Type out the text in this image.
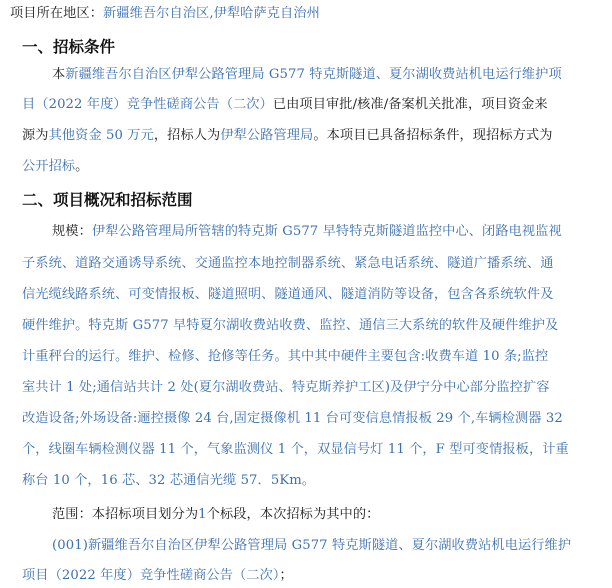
项目所在地区：新疆维吾尔自治区,伊犁哈萨克自治州
一、招标条件
本新疆维吾尔自治区伊犁公路管理局 G577 特克斯隧道、夏尔湖收费站机电运行维护项
目（2022 年度）竞争性磋商公告（二次）已由项目审批/核准/备案机关批准，项目资金来
源为其他资金 50 万元，招标人为伊犁公路管理局。本项目已具备招标条件，现招标方式为
公开招标。
二、项目概况和招标范围
规模：伊犁公路管理局所管辖的特克斯 G577 早特特克斯隧道监控中心、闭路电视监视
子系统、道路交通诱导系统、交通监控本地控制器系统、紧急电话系统、隧道广播系统、通
信光缆线路系统、可变情报板、隧道照明、隧道通风、隧道消防等设备，包含各系统软件及
硬件维护。特克斯 G577 早特夏尔湖收费站收费、监控、通信三大系统的软件及硬件维护及
计重秤台的运行。维护、检修、抢修等任务。其中其中硬件主要包含:收费车道 10 条;监控
室共计 1 处;通信站共计 2 处(夏尔湖收费站、特克斯养护工区)及伊宁分中心部分监控扩容
改造设备;外场设备:逦控摄像 24 台,固定摄像机 11 台可变信息情报板 29 个,车辆检测器 32
个，线圈车辆检测仪器 11 个，气象监测仪 1 个，双显信号灯 11 个，F 型可变情报板，计重
称台 10 个，16 芯、32 芯通信光缆 57．5Km。
范围：本招标项目划分为1个标段，本次招标为其中的：
(001)新疆维吾尔自治区伊犁公路管理局 G577 特克斯隧道、夏尔湖收费站机电运行维护
项目（2022 年度）竞争性磋商公告（二次）；
